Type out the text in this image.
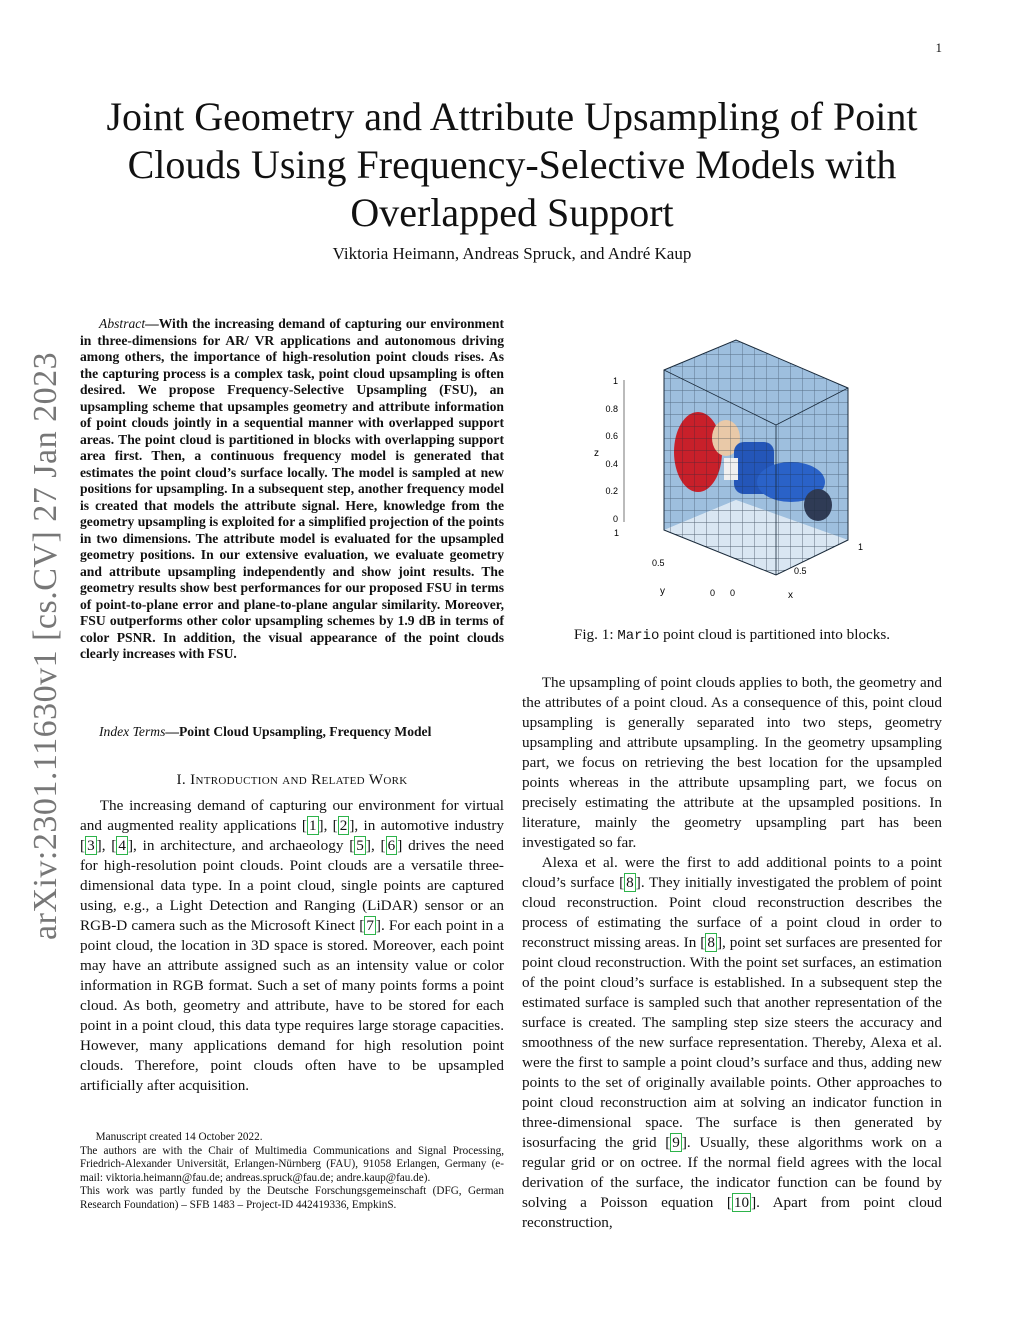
1
arXiv:2301.11630v1 [cs.CV] 27 Jan 2023
Joint Geometry and Attribute Upsampling of Point Clouds Using Frequency-Selective Models with Overlapped Support
Viktoria Heimann, Andreas Spruck, and André Kaup

Abstract—With the increasing demand of capturing our environment in three-dimensions for AR/ VR applications and autonomous driving among others, the importance of high-resolution point clouds rises. As the capturing process is a complex task, point cloud upsampling is often desired. We propose Frequency-Selective Upsampling (FSU), an upsampling scheme that upsamples geometry and attribute information of point clouds jointly in a sequential manner with overlapped support areas. The point cloud is partitioned in blocks with overlapping support area first. Then, a continuous frequency model is generated that estimates the point cloud’s surface locally. The model is sampled at new positions for upsampling. In a subsequent step, another frequency model is created that models the attribute signal. Here, knowledge from the geometry upsampling is exploited for a simplified projection of the points in two dimensions. The attribute model is evaluated for the upsampled geometry positions. In our extensive evaluation, we evaluate geometry and attribute upsampling independently and show joint results. The geometry results show best performances for our proposed FSU in terms of point-to-plane error and plane-to-plane angular similarity. Moreover, FSU outperforms other color upsampling schemes by 1.9 dB in terms of color PSNR. In addition, the visual appearance of the point clouds clearly increases with FSU.

Index Terms—Point Cloud Upsampling, Frequency Model

I. Introduction and Related Work

The increasing demand of capturing our environment for virtual and augmented reality applications [ 1 ], [ 2 ], in automotive industry [ 3 ], [ 4 ], in architecture, and archaeology [ 5 ], [ 6 ] drives the need for high-resolution point clouds. Point clouds are a versatile three-dimensional data type. In a point cloud, single points are captured using, e.g., a Light Detection and Ranging (LiDAR) sensor or an RGB-D camera such as the Microsoft Kinect [ 7 ]. For each point in a point cloud, the location in 3D space is stored. Moreover, each point may have an attribute assigned such as an intensity value or color information in RGB format. Such a set of many points forms a point cloud. As both, geometry and attribute, have to be stored for each point in a point cloud, this data type requires large storage capacities. However, many applications demand for high resolution point clouds. Therefore, point clouds often have to be upsampled artificially after acquisition.

Manuscript created 14 October 2022.

The authors are with the Chair of Multimedia Communications and Signal Processing, Friedrich-Alexander Universität, Erlangen-Nürnberg (FAU), 91058 Erlangen, Germany (e-mail: viktoria.heimann@fau.de; andreas.spruck@fau.de; andre.kaup@fau.de).

This work was partly funded by the Deutsche Forschungsgemeinschaft (DFG, German Research Foundation) – SFB 1483 – Project-ID 442419336, EmpkinS.

0
0.2
0.4
0.6
0.8
1
z
1
0.5
0
y	0
0.5
1
x
Fig. 1: Mario point cloud is partitioned into blocks.

The upsampling of point clouds applies to both, the geometry and the attributes of a point cloud. As a consequence of this, point cloud upsampling is generally separated into two steps, geometry upsampling and attribute upsampling. In the geometry upsampling part, we focus on retrieving the best location for the upsampled points whereas in the attribute upsampling part, we focus on precisely estimating the attribute at the upsampled positions. In literature, mainly the geometry upsampling part has been investigated so far.

Alexa et al. were the first to add additional points to a point cloud’s surface [ 8 ]. They initially investigated the problem of point cloud reconstruction. Point cloud reconstruction describes the process of estimating the surface of a point cloud in order to reconstruct missing areas. In [ 8 ], point set surfaces are presented for point cloud reconstruction. With the point set surfaces, an estimation of the point cloud’s surface is established. In a subsequent step the estimated surface is sampled such that another representation of the surface is created. The sampling step size steers the accuracy and smoothness of the new surface representation. Thereby, Alexa et al. were the first to sample a point cloud’s surface and thus, adding new points to the set of originally available points. Other approaches to point cloud reconstruction aim at solving an indicator function in three-dimensional space. The surface is then generated by isosurfacing the grid [ 9 ]. Usually, these algorithms work on a regular grid or on octree. If the normal field agrees with the local derivation of the surface, the indicator function can be found by solving a Poisson equation [ 10 ]. Apart from point cloud reconstruction,
